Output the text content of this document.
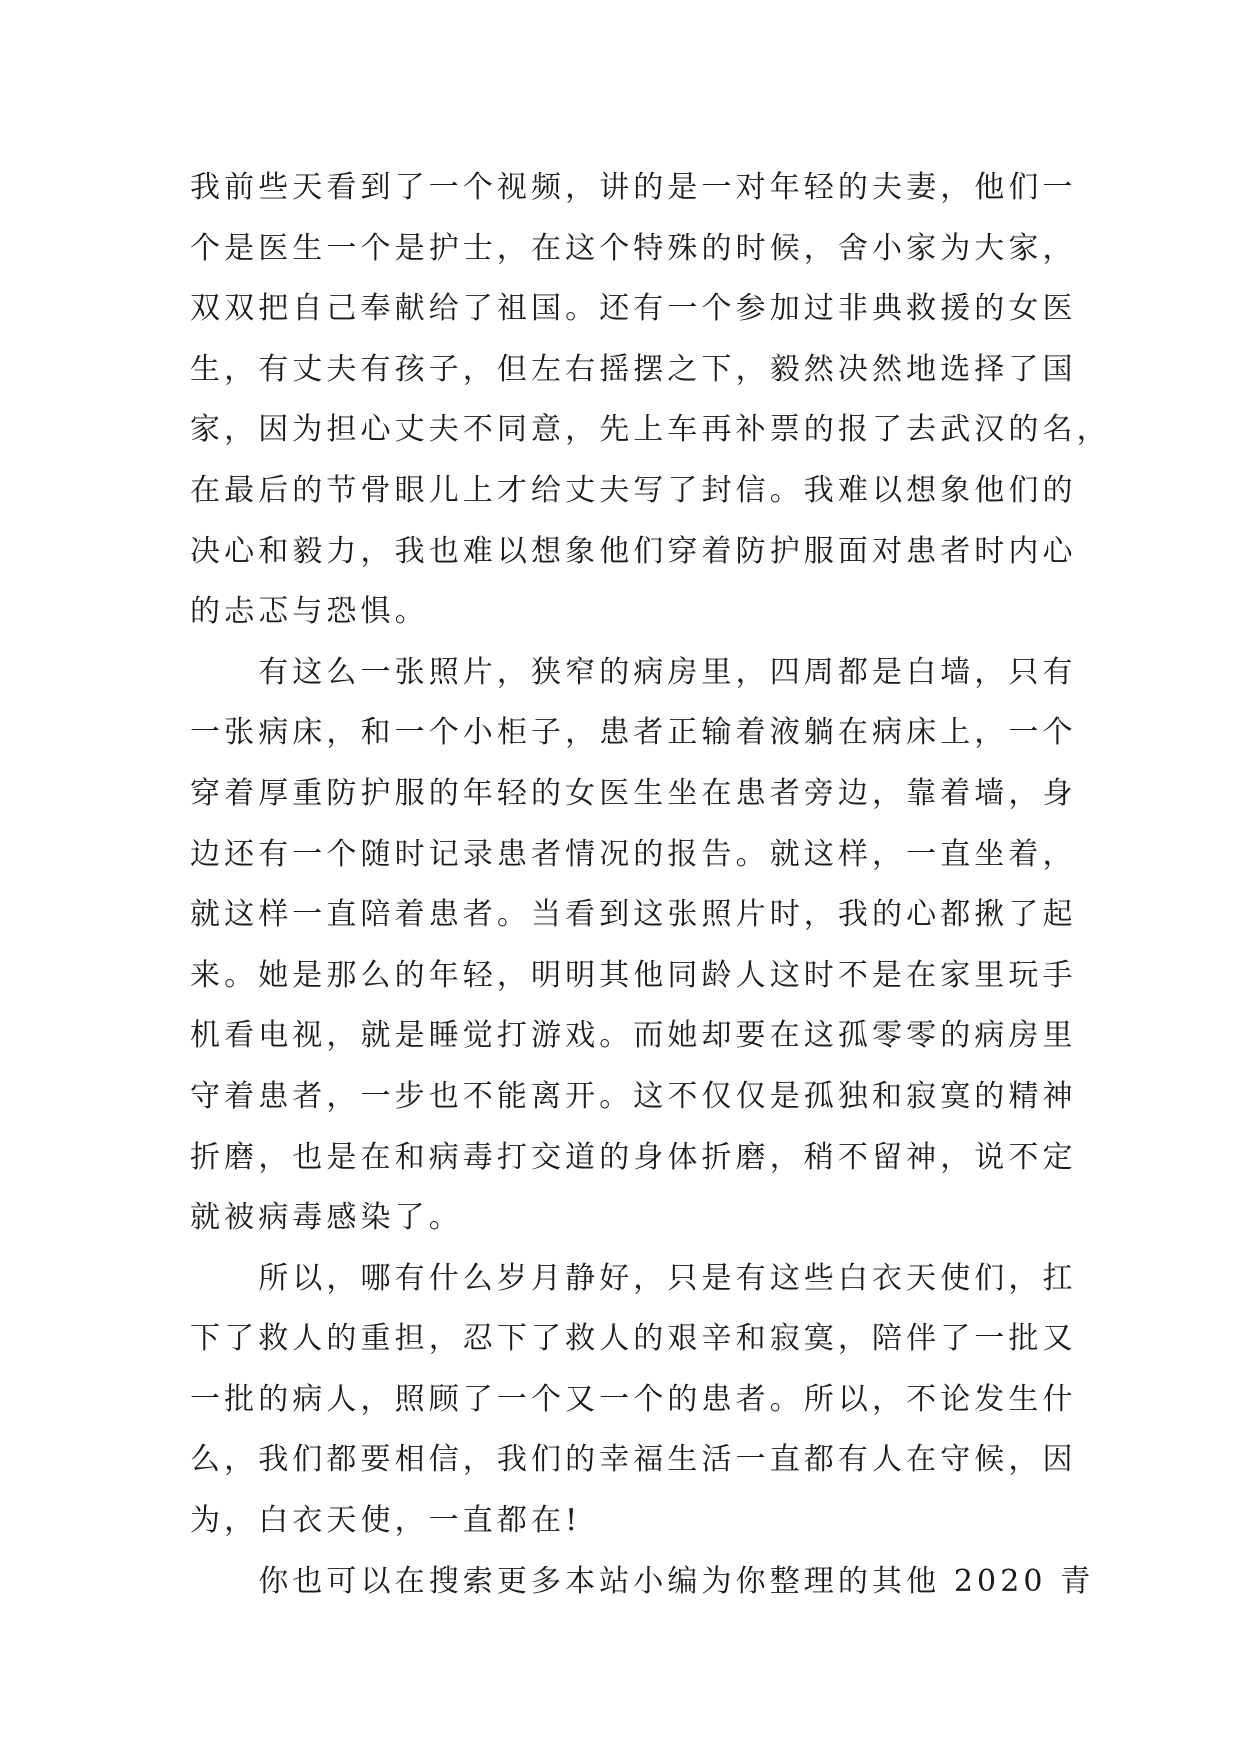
我前些天看到了一个视频，讲的是一对年轻的夫妻，他们一
个是医生一个是护士，在这个特殊的时候，舍小家为大家，
双双把自己奉献给了祖国。还有一个参加过非典救援的女医
生，有丈夫有孩子，但左右摇摆之下，毅然决然地选择了国
家，因为担心丈夫不同意，先上车再补票的报了去武汉的名，
在最后的节骨眼儿上才给丈夫写了封信。我难以想象他们的
决心和毅力，我也难以想象他们穿着防护服面对患者时内心
的忐忑与恐惧。
　　有这么一张照片，狭窄的病房里，四周都是白墙，只有
一张病床，和一个小柜子，患者正输着液躺在病床上，一个
穿着厚重防护服的年轻的女医生坐在患者旁边，靠着墙，身
边还有一个随时记录患者情况的报告。就这样，一直坐着，
就这样一直陪着患者。当看到这张照片时，我的心都揪了起
来。她是那么的年轻，明明其他同龄人这时不是在家里玩手
机看电视，就是睡觉打游戏。而她却要在这孤零零的病房里
守着患者，一步也不能离开。这不仅仅是孤独和寂寞的精神
折磨，也是在和病毒打交道的身体折磨，稍不留神，说不定
就被病毒感染了。
　　所以，哪有什么岁月静好，只是有这些白衣天使们，扛
下了救人的重担，忍下了救人的艰辛和寂寞，陪伴了一批又
一批的病人，照顾了一个又一个的患者。所以，不论发生什
么，我们都要相信，我们的幸福生活一直都有人在守候，因
为，白衣天使，一直都在!
　　你也可以在搜索更多本站小编为你整理的其他 2020 青
